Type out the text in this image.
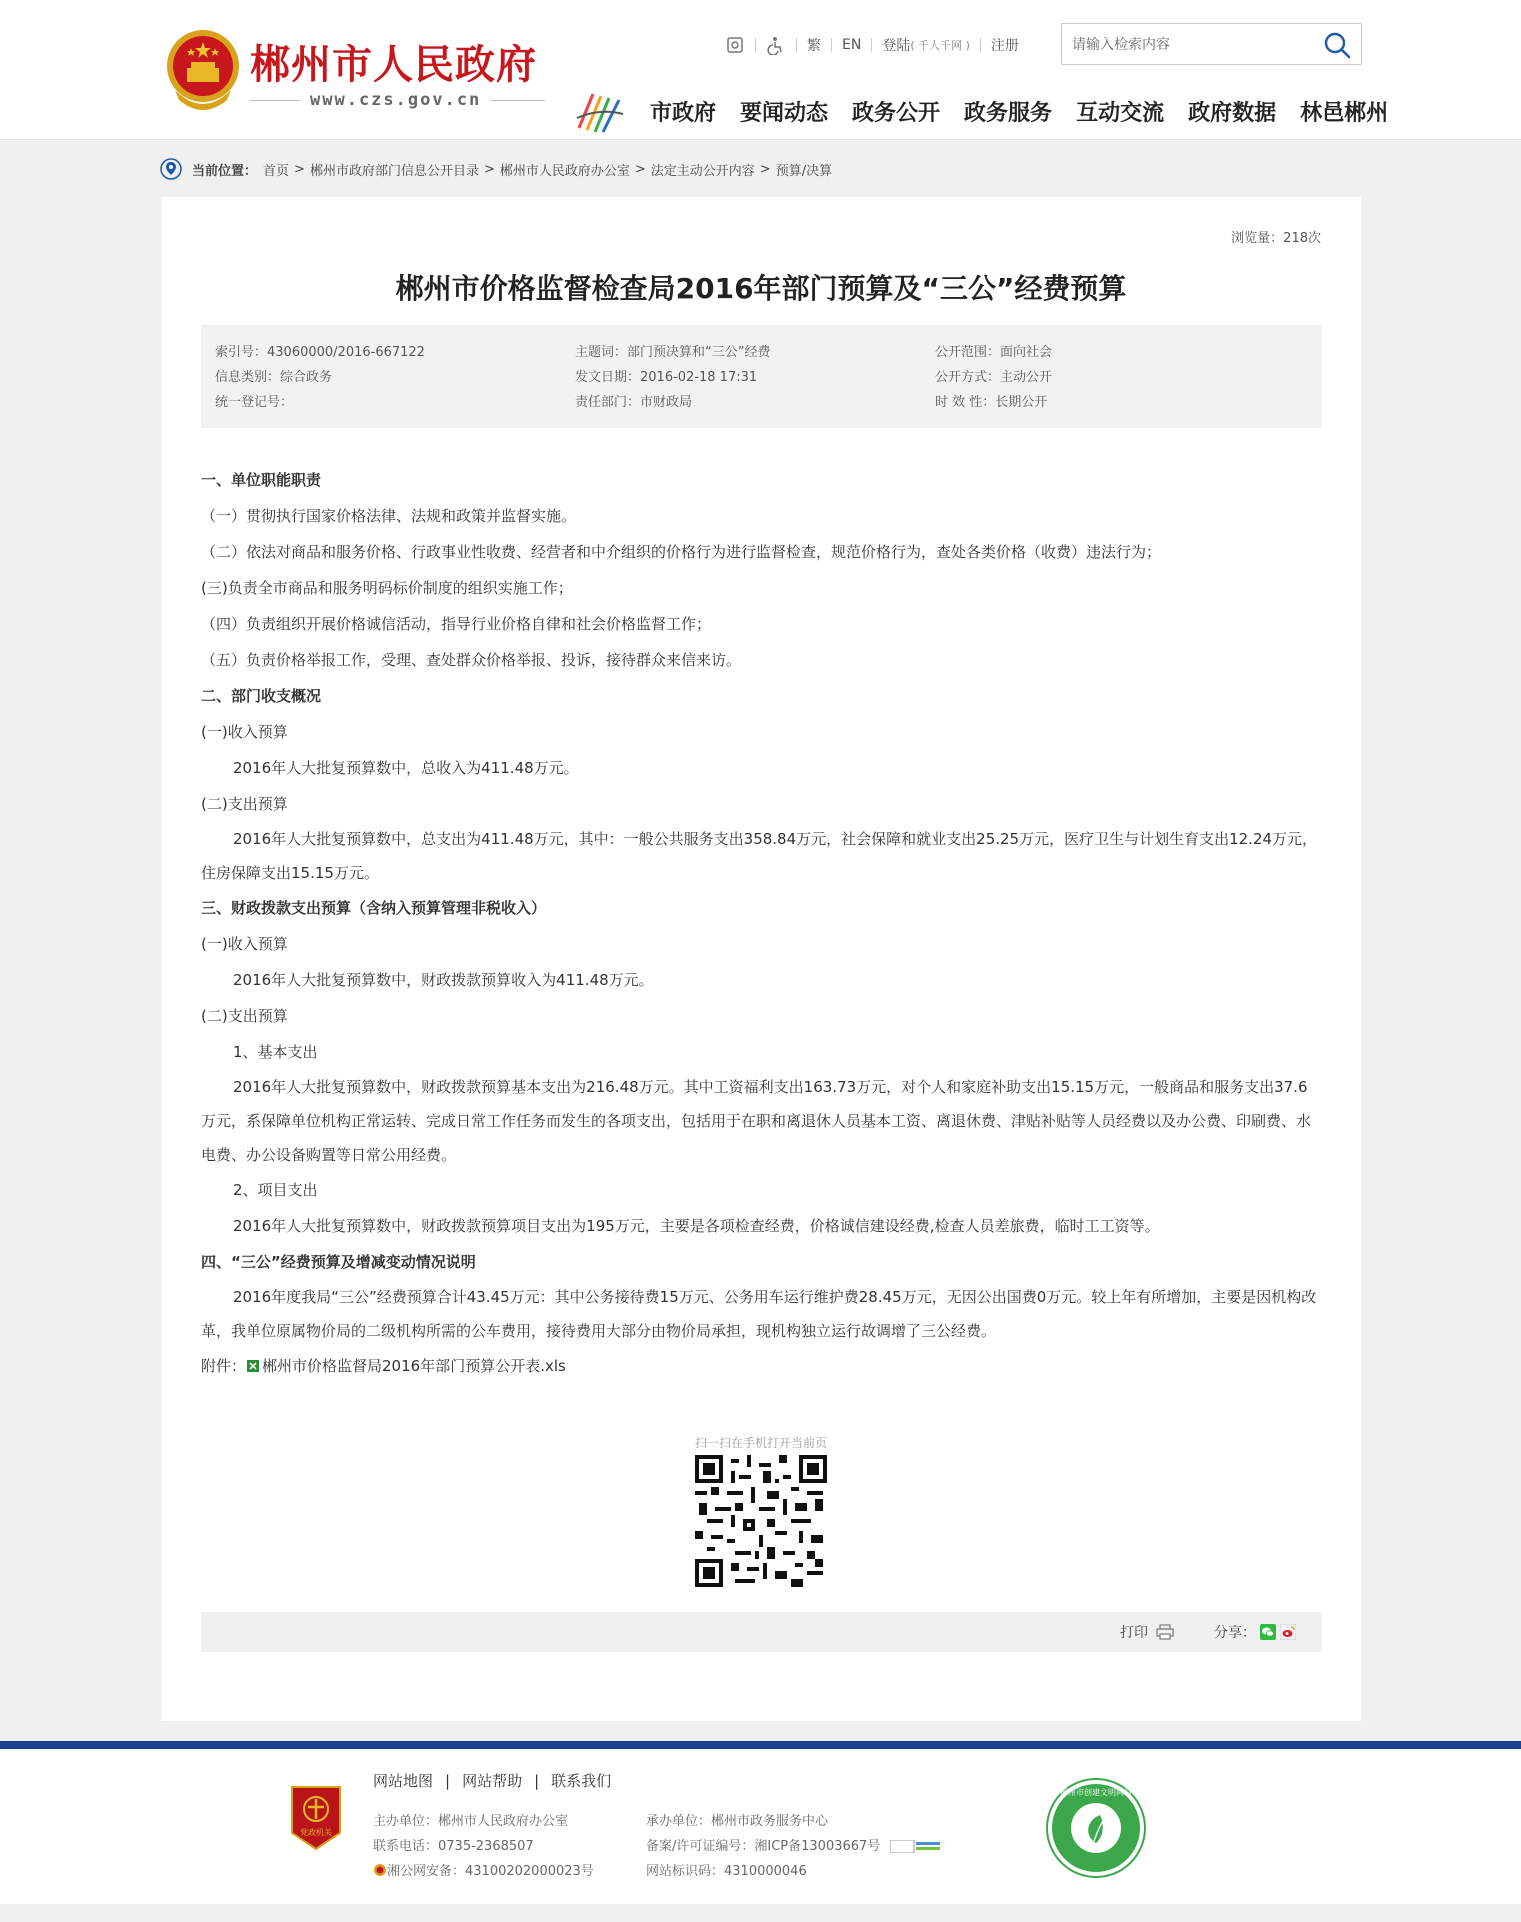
郴州市人民政府
www.czs.gov.cn
繁 EN 登陆 ( 千人千网 ) 注册
请输入检索内容
市政府 要闻动态 政务公开 政务服务 互动交流 政府数据 林邑郴州
当前位置： 首页 > 郴州市政府部门信息公开目录 > 郴州市人民政府办公室 > 法定主动公开内容 > 预算/决算
浏览量：218次
郴州市价格监督检查局2016年部门预算及“三公”经费预算
索引号：43060000/2016-667122
信息类别：综合政务
统一登记号：
主题词：部门预决算和“三公”经费
发文日期：2016-02-18 17:31
责任部门：市财政局
公开范围：面向社会
公开方式：主动公开
时 效 性：长期公开

一、单位职能职责

（一）贯彻执行国家价格法律、法规和政策并监督实施。

（二）依法对商品和服务价格、行政事业性收费、经营者和中介组织的价格行为进行监督检查，规范价格行为，查处各类价格（收费）违法行为；

(三)负责全市商品和服务明码标价制度的组织实施工作；

（四）负责组织开展价格诚信活动，指导行业价格自律和社会价格监督工作；

（五）负责价格举报工作，受理、查处群众价格举报、投诉，接待群众来信来访。

二、部门收支概况

(一)收入预算

2016年人大批复预算数中，总收入为411.48万元。

(二)支出预算

2016年人大批复预算数中，总支出为411.48万元，其中：一般公共服务支出358.84万元，社会保障和就业支出25.25万元，医疗卫生与计划生育支出12.24万元，住房保障支出15.15万元。

三、财政拨款支出预算（含纳入预算管理非税收入）

(一)收入预算

2016年人大批复预算数中，财政拨款预算收入为411.48万元。

(二)支出预算

1、基本支出

2016年人大批复预算数中，财政拨款预算基本支出为216.48万元。其中工资福利支出163.73万元，对个人和家庭补助支出15.15万元，一般商品和服务支出37.6万元，系保障单位机构正常运转、完成日常工作任务而发生的各项支出，包括用于在职和离退休人员基本工资、离退休费、津贴补贴等人员经费以及办公费、印刷费、水电费、办公设备购置等日常公用经费。

2、项目支出

2016年人大批复预算数中，财政拨款预算项目支出为195万元，主要是各项检查经费，价格诚信建设经费,检查人员差旅费，临时工工资等。

四、“三公”经费预算及增减变动情况说明

2016年度我局“三公”经费预算合计43.45万元：其中公务接待费15万元、公务用车运行维护费28.45万元，无因公出国费0万元。较上年有所增加，主要是因机构改革，我单位原属物价局的二级机构所需的公车费用，接待费用大部分由物价局承担，现机构独立运行故调增了三公经费。

附件： 郴州市价格监督局2016年部门预算公开表.xls

扫一扫在手机打开当前页
打印	分享：
党政机关
网站地图 | 网站帮助 | 联系我们
主办单位：郴州市人民政府办公室
联系电话：0735-2368507
湘公网安备：43100202000023号
承办单位：郴州市政务服务中心
备案/许可证编号：湘ICP备13003667号
网站标识码：4310000046
郴州市创建文明网站
